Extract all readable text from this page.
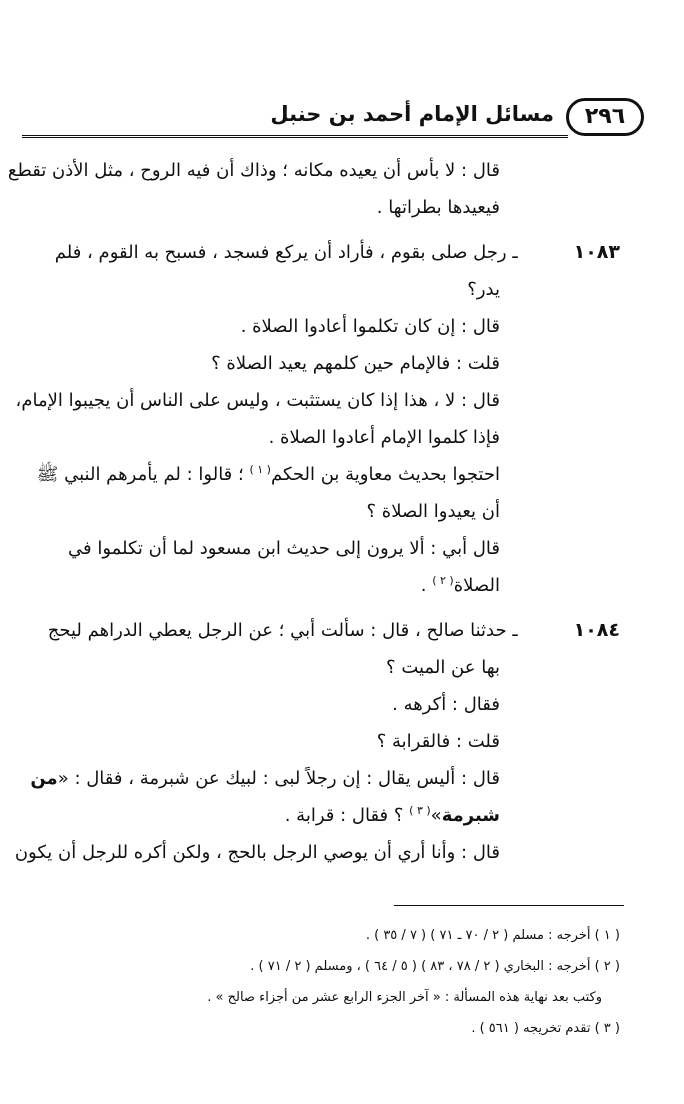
٢٩٦
مسائل الإمام أحمد بن حنبل
قال : لا بأس أن يعيده مكانه ؛ وذاك أن فيه الروح ، مثل الأذن تقطع
فيعيدها بطراتها .
١٠٨٣ـ رجل صلى بقوم ، فأراد أن يركع فسجد ، فسبح به القوم ، فلم
يدر؟
قال : إن كان تكلموا أعادوا الصلاة .
قلت : فالإمام حين كلمهم يعيد الصلاة ؟
قال : لا ، هذا إذا كان يستثبت ، وليس على الناس أن يجيبوا الإمام،
فإذا كلموا الإمام أعادوا الصلاة .
احتجوا بحديث معاوية بن الحكم$^{( ١ )}$ ؛ قالوا : لم يأمرهم النبي ﷺ
أن يعيدوا الصلاة ؟
قال أبي : ألا يرون إلى حديث ابن مسعود لما أن تكلموا في
الصلاة$^{( ٢ )}$ .
١٠٨٤ـ حدثنا صالح ، قال : سألت أبي ؛ عن الرجل يعطي الدراهم ليحج
بها عن الميت ؟
فقال : أكرهه .
قلت : فالقرابة ؟
قال : أليس يقال : إن رجلاً لبى : لبيك عن شبرمة ، فقال : «من
شبرمة»$^{( ٣ )}$ ؟ فقال : قرابة .
قال : وأنا أري أن يوصي الرجل بالحج ، ولكن أكره للرجل أن يكون
( ١ ) أخرجه : مسلم ( ٢ / ٧٠ ـ ٧١ ) ( ٧ / ٣٥ ) .
( ٢ ) أخرجه : البخاري ( ٢ / ٧٨ ، ٨٣ ) ( ٥ / ٦٤ ) ، ومسلم ( ٢ / ٧١ ) .
وكتب بعد نهاية هذه المسألة : « آخر الجزء الرابع عشر من أجزاء صالح » .
( ٣ ) تقدم تخريجه ( ٥٦١ ) .
